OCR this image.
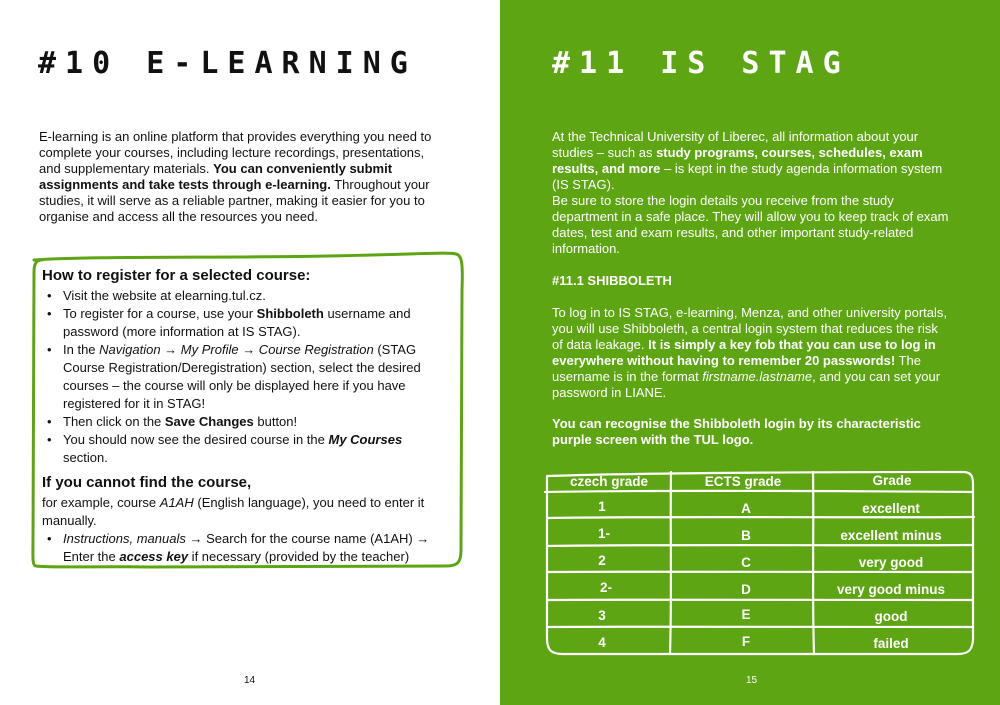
#10 E-LEARNING

E-learning is an online platform that provides everything you need to complete your courses, including lecture recordings, presentations, and supplementary materials. You can conveniently submit assignments and take tests through e-learning. Throughout your studies, it will serve as a reliable partner, making it easier for you to organise and access all the resources you need.

How to register for a selected course:
• Visit the website at elearning.tul.cz.
• To register for a course, use your Shibboleth username and password (more information at IS STAG).
• In the Navigation → My Profile → Course Registration (STAG Course Registration/Deregistration) section, select the desired courses – the course will only be displayed here if you have registered for it in STAG!
• Then click on the Save Changes button!
• You should now see the desired course in the My Courses section.
If you cannot find the course,

for example, course A1AH (English language), you need to enter it manually.

• Instructions, manuals → Search for the course name (A1AH) → Enter the access key if necessary (provided by the teacher)
14
#11 IS STAG

At the Technical University of Liberec, all information about your studies – such as study programs, courses, schedules, exam results, and more – is kept in the study agenda information system (IS STAG).

Be sure to store the login details you receive from the study department in a safe place. They will allow you to keep track of exam dates, test and exam results, and other important study-related information.

#11.1 SHIBBOLETH

To log in to IS STAG, e-learning, Menza, and other university portals, you will use Shibboleth, a central login system that reduces the risk of data leakage. It is simply a key fob that you can use to log in everywhere without having to remember 20 passwords! The username is in the format firstname.lastname, and you can set your password in LIANE.

You can recognise the Shibboleth login by its characteristic purple screen with the TUL logo.

czech grade	ECTS grade	Grade
1	A	excellent
1-	B	excellent minus
2	C	very good
2-	D	very good minus
3	E	good
4	F	failed
15
